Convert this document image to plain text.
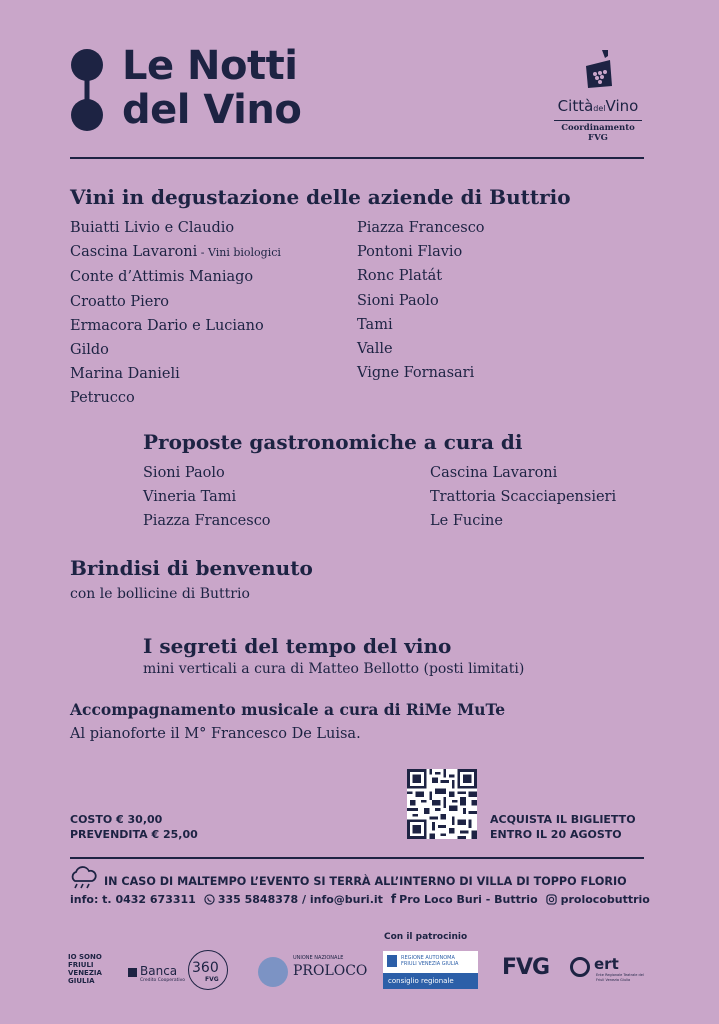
Le Notti
del Vino	CittàdelVino
Coordinamento FVG
Vini in degustazione delle aziende di Buttrio
Buiatti Livio e Claudio
Cascina Lavaroni - Vini biologici
Conte d’Attimis Maniago
Croatto Piero
Ermacora Dario e Luciano
Gildo
Marina Danieli
Petrucco
Piazza Francesco
Pontoni Flavio
Ronc Platát
Sioni Paolo
Tami
Valle
Vigne Fornasari
Proposte gastronomiche a cura di
Sioni Paolo
Vineria Tami
Piazza Francesco
Cascina Lavaroni
Trattoria Scacciapensieri
Le Fucine
Brindisi di benvenuto
con le bollicine di Buttrio
I segreti del tempo del vino
mini verticali a cura di Matteo Bellotto (posti limitati)
Accompagnamento musicale a cura di RiMe MuTe
Al pianoforte il M° Francesco De Luisa.
COSTO € 30,00
PREVENDITA € 25,00
ACQUISTA IL BIGLIETTO
ENTRO IL 20 AGOSTO
IN CASO DI MALTEMPO L’EVENTO SI TERRÀ ALL’INTERNO DI VILLA DI TOPPO FLORIO
info: t. 0432 673311 335 5848378 / info@buri.it f Pro Loco Buri - Buttrio prolocobuttrio
Con il patrocinio
IO SONO
FRIULI
VENEZIA
GIULIA
Banca
Credito Cooperativo
360
FVG
UNIONE NAZIONALE
PROLOCO
REGIONE AUTONOMA
FRIULI VENEZIA GIULIA
consiglio regionale
FVG	ert
Ente Regionale Teatrale del Friuli Venezia Giulia
